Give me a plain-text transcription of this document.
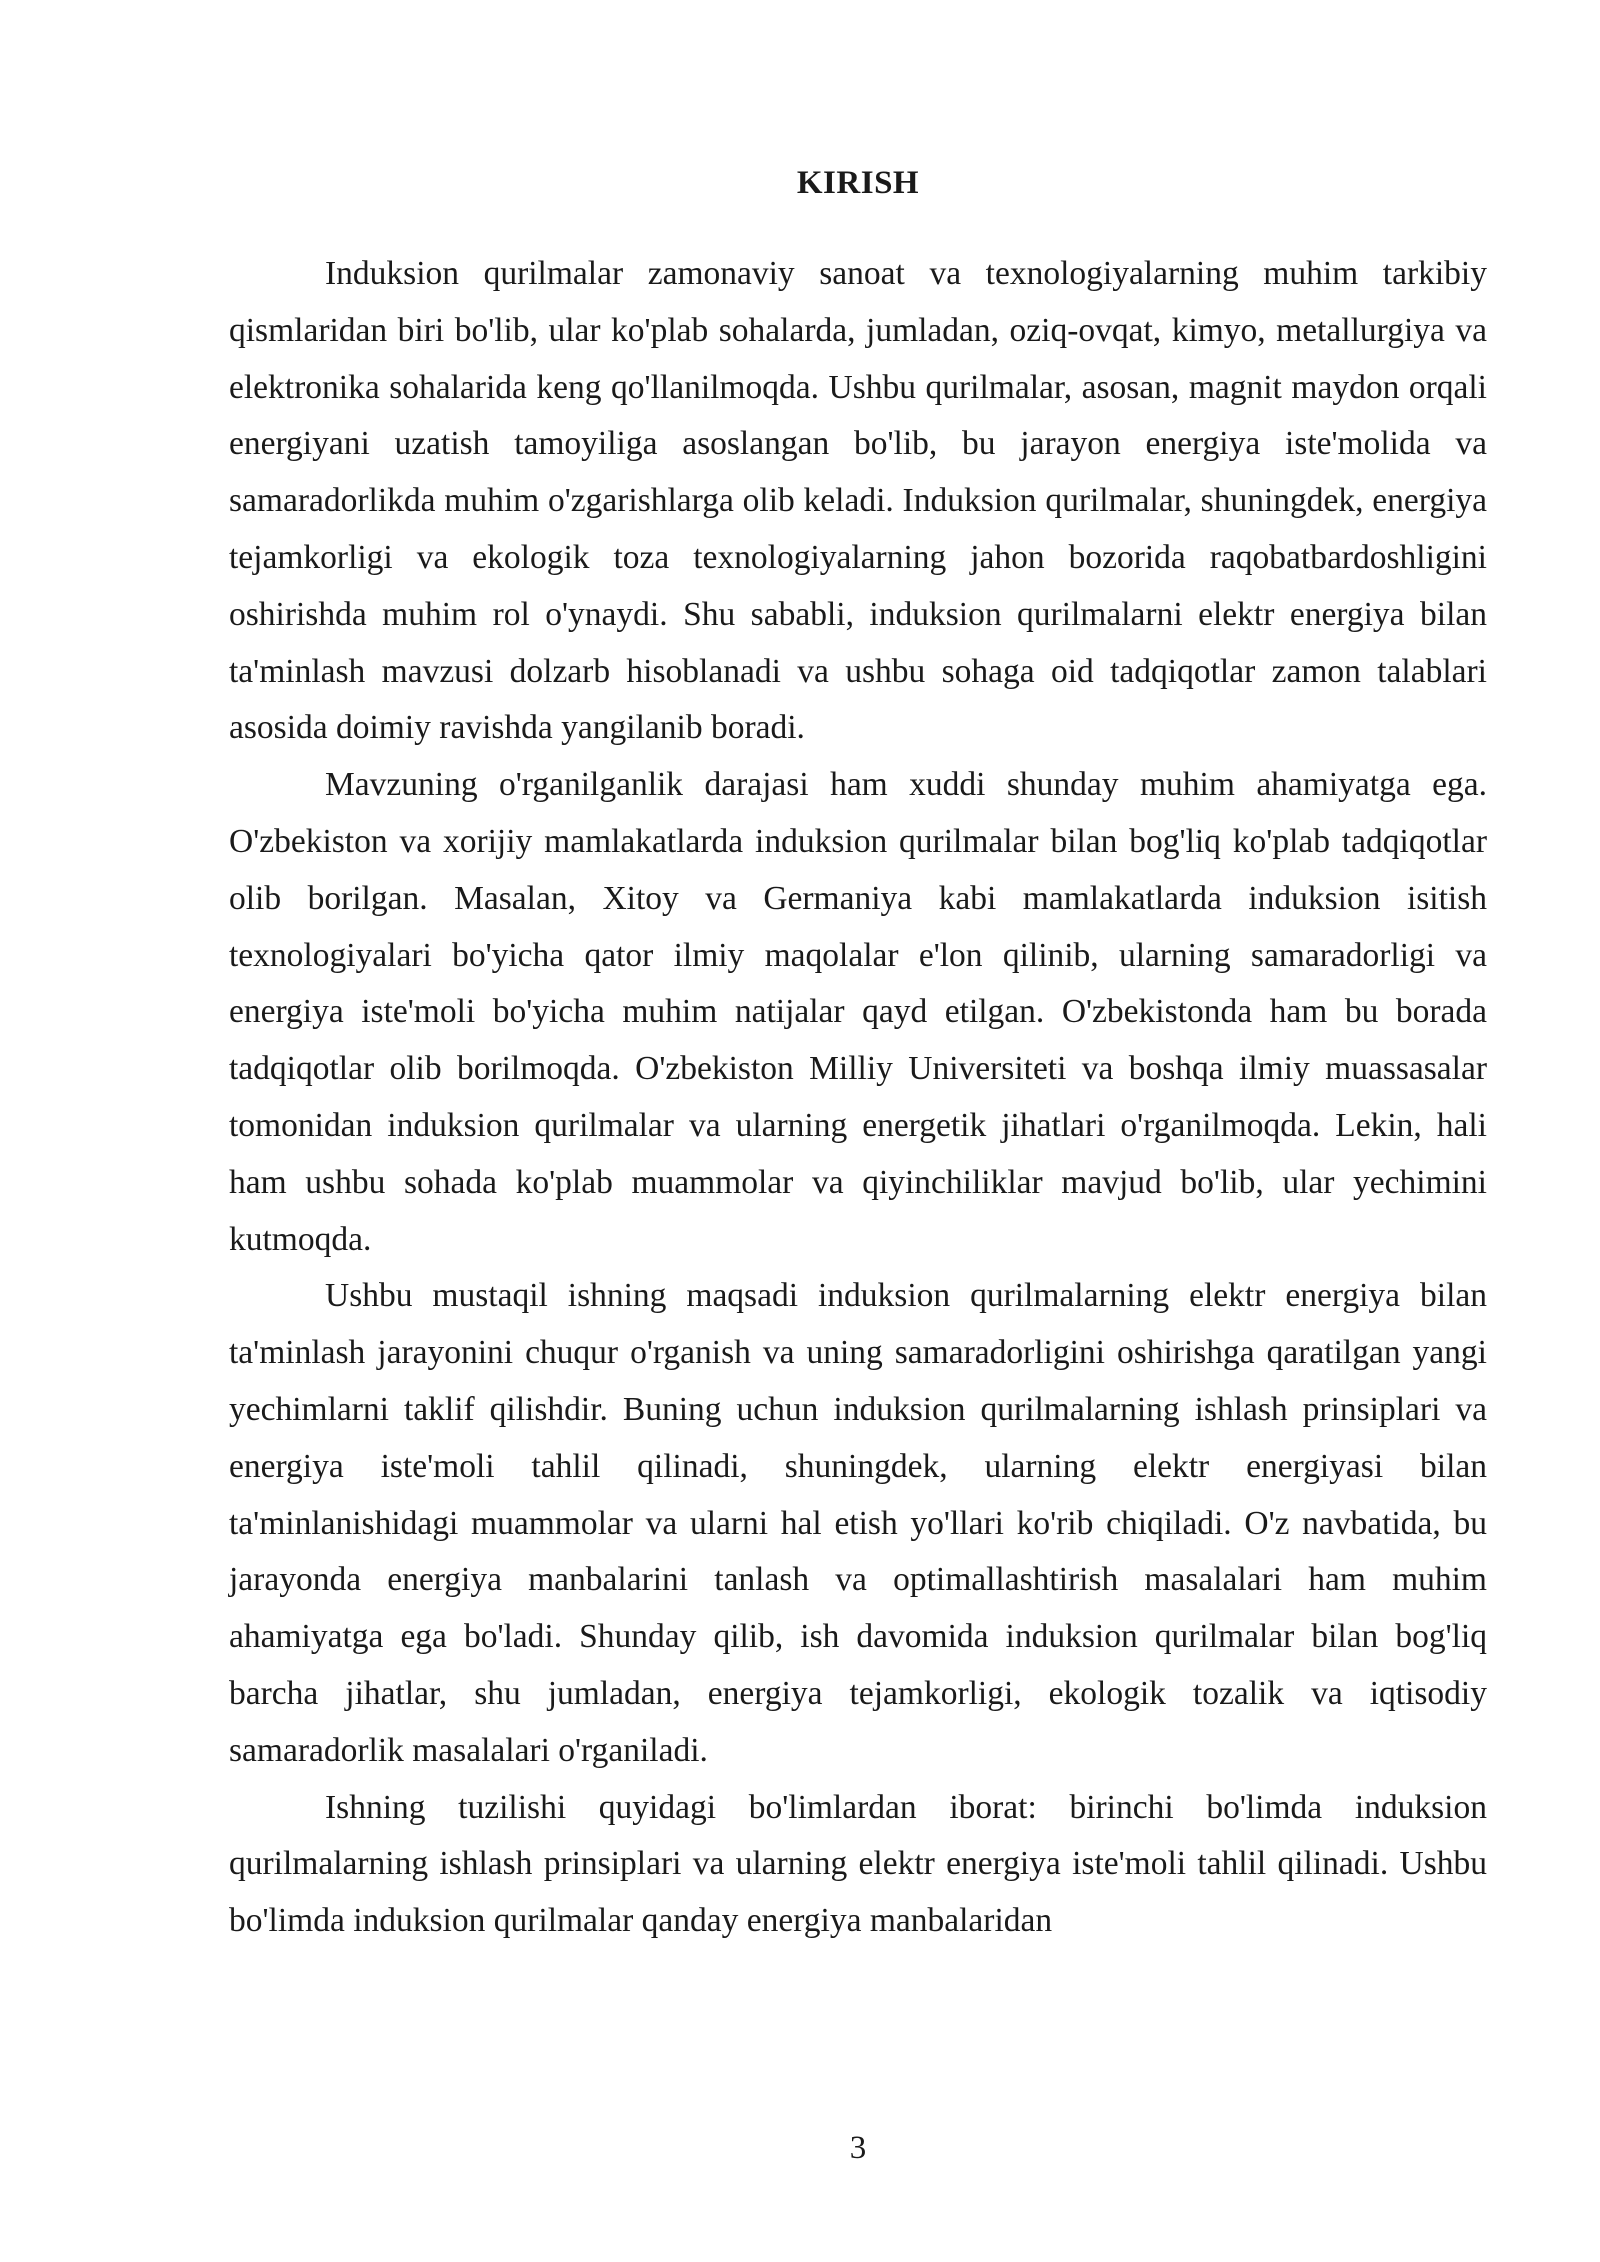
KIRISH

Induksion qurilmalar zamonaviy sanoat va texnologiyalarning muhim tarkibiy qismlaridan biri bo'lib, ular ko'plab sohalarda, jumladan, oziq-ovqat, kimyo, metallurgiya va elektronika sohalarida keng qo'llanilmoqda. Ushbu qurilmalar, asosan, magnit maydon orqali energiyani uzatish tamoyiliga asoslangan bo'lib, bu jarayon energiya iste'molida va samaradorlikda muhim o'zgarishlarga olib keladi. Induksion qurilmalar, shuningdek, energiya tejamkorligi va ekologik toza texnologiyalarning jahon bozorida raqobatbardoshligini oshirishda muhim rol o'ynaydi. Shu sababli, induksion qurilmalarni elektr energiya bilan ta'minlash mavzusi dolzarb hisoblanadi va ushbu sohaga oid tadqiqotlar zamon talablari asosida doimiy ravishda yangilanib boradi.

Mavzuning o'rganilganlik darajasi ham xuddi shunday muhim ahamiyatga ega. O'zbekiston va xorijiy mamlakatlarda induksion qurilmalar bilan bog'liq ko'plab tadqiqotlar olib borilgan. Masalan, Xitoy va Germaniya kabi mamlakatlarda induksion isitish texnologiyalari bo'yicha qator ilmiy maqolalar e'lon qilinib, ularning samaradorligi va energiya iste'moli bo'yicha muhim natijalar qayd etilgan. O'zbekistonda ham bu borada tadqiqotlar olib borilmoqda. O'zbekiston Milliy Universiteti va boshqa ilmiy muassasalar tomonidan induksion qurilmalar va ularning energetik jihatlari o'rganilmoqda. Lekin, hali ham ushbu sohada ko'plab muammolar va qiyinchiliklar mavjud bo'lib, ular yechimini kutmoqda.

Ushbu mustaqil ishning maqsadi induksion qurilmalarning elektr energiya bilan ta'minlash jarayonini chuqur o'rganish va uning samaradorligini oshirishga qaratilgan yangi yechimlarni taklif qilishdir. Buning uchun induksion qurilmalarning ishlash prinsiplari va energiya iste'moli tahlil qilinadi, shuningdek, ularning elektr energiyasi bilan ta'minlanishidagi muammolar va ularni hal etish yo'llari ko'rib chiqiladi. O'z navbatida, bu jarayonda energiya manbalarini tanlash va optimallashtirish masalalari ham muhim ahamiyatga ega bo'ladi. Shunday qilib, ish davomida induksion qurilmalar bilan bog'liq barcha jihatlar, shu jumladan, energiya tejamkorligi, ekologik tozalik va iqtisodiy samaradorlik masalalari o'rganiladi.

Ishning tuzilishi quyidagi bo'limlardan iborat: birinchi bo'limda induksion qurilmalarning ishlash prinsiplari va ularning elektr energiya iste'moli tahlil qilinadi. Ushbu bo'limda induksion qurilmalar qanday energiya manbalaridan

3
